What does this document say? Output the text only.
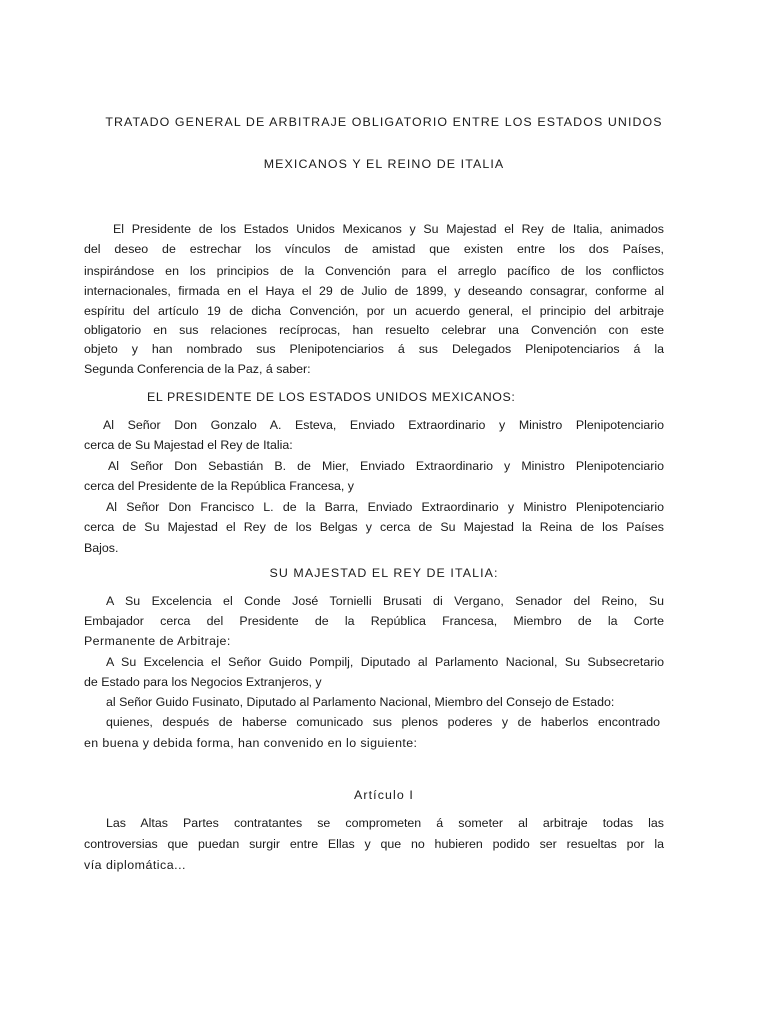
TRATADO GENERAL DE ARBITRAJE OBLIGATORIO ENTRE LOS ESTADOS UNIDOS
MEXICANOS Y EL REINO DE ITALIA
El Presidente de los Estados Unidos Mexicanos y Su Majestad el Rey de Italia, animados
del deseo de estrechar los vínculos de amistad que existen entre los dos Países,
inspirándose en los principios de la Convención para el arreglo pacífico de los conflictos
internacionales, firmada en el Haya el 29 de Julio de 1899, y deseando consagrar, conforme al
espíritu del artículo 19 de dicha Convención, por un acuerdo general, el principio del arbitraje
obligatorio en sus relaciones recíprocas, han resuelto celebrar una Convención con este
objeto y han nombrado sus Plenipotenciarios á sus Delegados Plenipotenciarios á la
Segunda Conferencia de la Paz, á saber:
EL PRESIDENTE DE LOS ESTADOS UNIDOS MEXICANOS:
Al Señor Don Gonzalo A. Esteva, Enviado Extraordinario y Ministro Plenipotenciario
cerca de Su Majestad el Rey de Italia:
Al Señor Don Sebastián B. de Mier, Enviado Extraordinario y Ministro Plenipotenciario
cerca del Presidente de la República Francesa, y
Al Señor Don Francisco L. de la Barra, Enviado Extraordinario y Ministro Plenipotenciario
cerca de Su Majestad el Rey de los Belgas y cerca de Su Majestad la Reina de los Países
Bajos.
SU MAJESTAD EL REY DE ITALIA:
A Su Excelencia el Conde José Tornielli Brusati di Vergano, Senador del Reino, Su
Embajador cerca del Presidente de la República Francesa, Miembro de la Corte
Permanente de Arbitraje:
A Su Excelencia el Señor Guido Pompilj, Diputado al Parlamento Nacional, Su Subsecretario
de Estado para los Negocios Extranjeros, y
al Señor Guido Fusinato, Diputado al Parlamento Nacional, Miembro del Consejo de Estado:
quienes, después de haberse comunicado sus plenos poderes y de haberlos encontrado
en buena y debida forma, han convenido en lo siguiente:
Artículo I
Las Altas Partes contratantes se comprometen á someter al arbitraje todas las
controversias que puedan surgir entre Ellas y que no hubieren podido ser resueltas por la
vía diplomática...
